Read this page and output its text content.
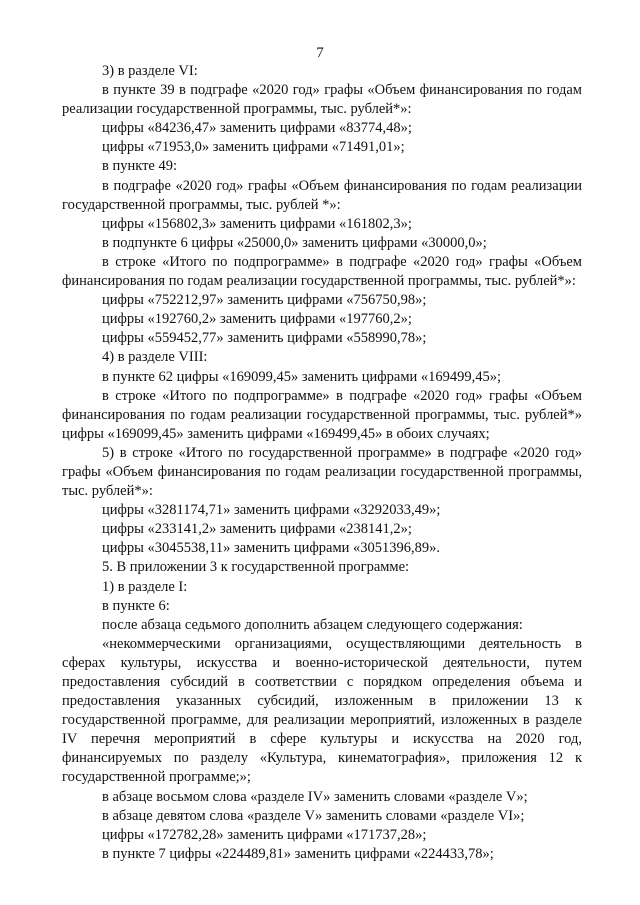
7

3) в разделе VI:

в пункте 39 в подграфе «2020 год» графы «Объем финансирования по годам реализации государственной программы, тыс. рублей*»:

цифры «84236,47» заменить цифрами «83774,48»;

цифры «71953,0» заменить цифрами «71491,01»;

в пункте 49:

в подграфе «2020 год» графы «Объем финансирования по годам реализации государственной программы, тыс. рублей *»:

цифры «156802,3» заменить цифрами «161802,3»;

в подпункте 6 цифры «25000,0» заменить цифрами «30000,0»;

в строке «Итого по подпрограмме» в подграфе «2020 год» графы «Объем финансирования по годам реализации государственной программы, тыс. рублей*»:

цифры «752212,97» заменить цифрами «756750,98»;

цифры «192760,2» заменить цифрами «197760,2»;

цифры «559452,77» заменить цифрами «558990,78»;

4) в разделе VIII:

в пункте 62 цифры «169099,45» заменить цифрами «169499,45»;

в строке «Итого по подпрограмме» в подграфе «2020 год» графы «Объем финансирования по годам реализации государственной программы, тыс. рублей*» цифры «169099,45» заменить цифрами «169499,45» в обоих случаях;

5) в строке «Итого по государственной программе» в подграфе «2020 год» графы «Объем финансирования по годам реализации государственной программы, тыс. рублей*»:

цифры «3281174,71» заменить цифрами «3292033,49»;

цифры «233141,2» заменить цифрами «238141,2»;

цифры «3045538,11» заменить цифрами «3051396,89».

5. В приложении 3 к государственной программе:

1) в разделе I:

в пункте 6:

после абзаца седьмого дополнить абзацем следующего содержания:

«некоммерческими организациями, осуществляющими деятельность в сферах культуры, искусства и военно-исторической деятельности, путем предоставления субсидий в соответствии с порядком определения объема и предоставления указанных субсидий, изложенным в приложении 13 к государственной программе, для реализации мероприятий, изложенных в разделе IV перечня мероприятий в сфере культуры и искусства на 2020 год, финансируемых по разделу «Культура, кинематография», приложения 12 к государственной программе;»;

в абзаце восьмом слова «разделе IV» заменить словами «разделе V»;

в абзаце девятом слова «разделе V» заменить словами «разделе VI»;

цифры «172782,28» заменить цифрами «171737,28»;

в пункте 7 цифры «224489,81» заменить цифрами «224433,78»;
